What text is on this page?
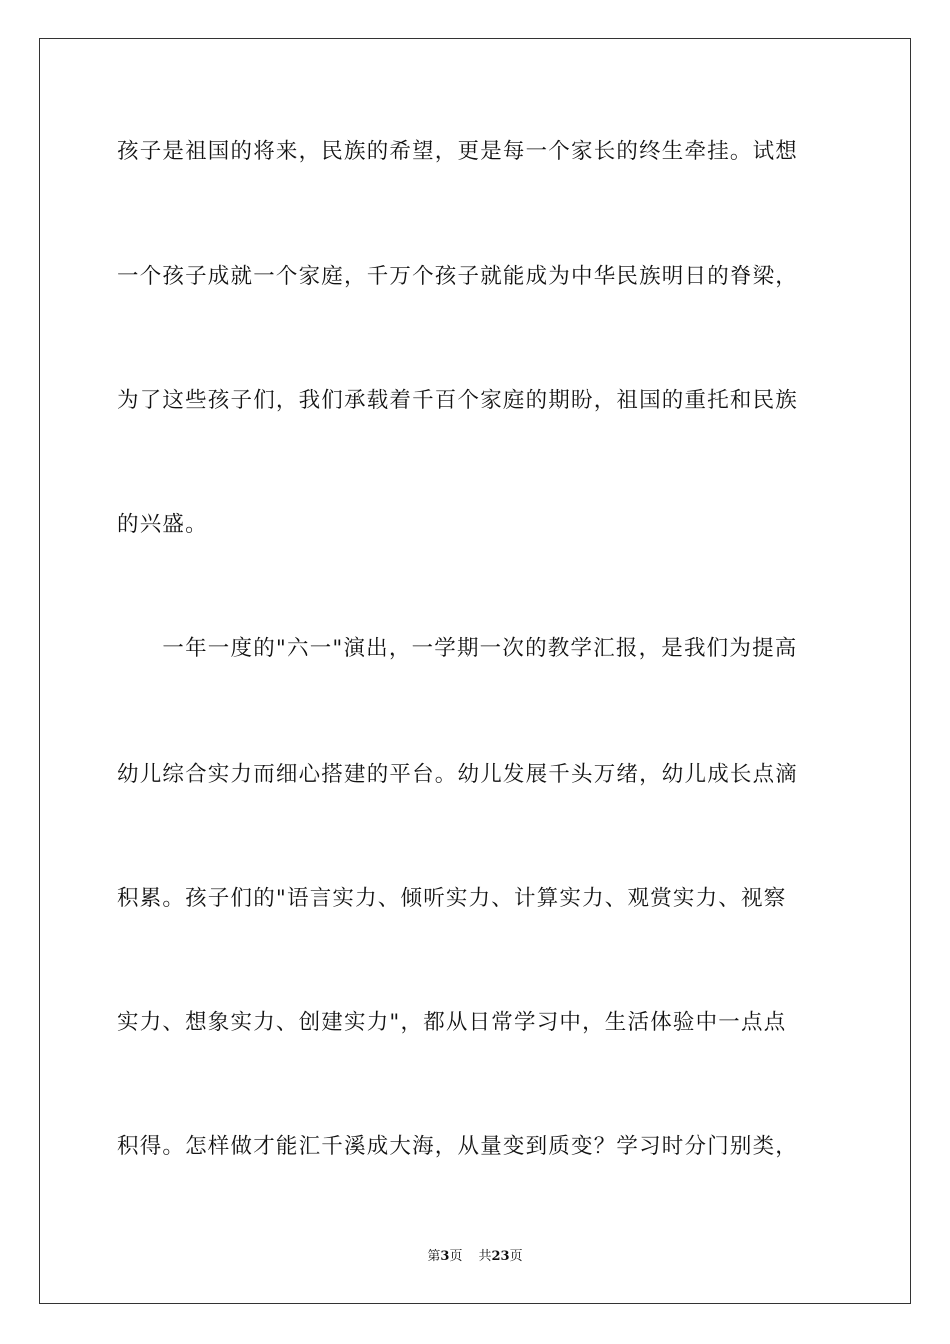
孩子是祖国的将来，民族的希望，更是每一个家长的终生牵挂。试想
一个孩子成就一个家庭，千万个孩子就能成为中华民族明日的脊梁，
为了这些孩子们，我们承载着千百个家庭的期盼，祖国的重托和民族
的兴盛。
　　一年一度的"六一"演出，一学期一次的教学汇报，是我们为提高
幼儿综合实力而细心搭建的平台。幼儿发展千头万绪，幼儿成长点滴
积累。孩子们的"语言实力、倾听实力、计算实力、观赏实力、视察
实力、想象实力、创建实力"，都从日常学习中，生活体验中一点点
积得。怎样做才能汇千溪成大海，从量变到质变？学习时分门别类，
第3页 共23页
